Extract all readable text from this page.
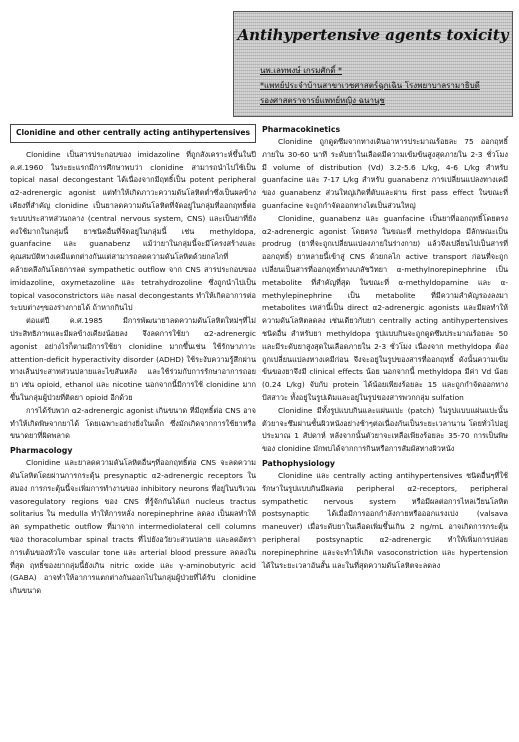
Antihypertensive agents toxicity
นพ.เลทพงษ์ เกรมศักดิ์ *
*แพทย์ประจำบ้านสาขาเวชศาสตร์ฉุกเฉิน โรงพยาบาลรามาธิบดี
รองศาสตราจารย์แพทย์หญิง ฉนานุช
Clonidine and other centrally acting antihypertensives

Clonidine เป็นสารประกอบของ imidazoline ที่ถูกสังเคราะห์ขึ้นในปี ค.ศ.1960 ในระยะแรกมีการศึกษาพบว่า clonidine สามารถนำไปใช้เป็น topical nasal decongestant ได้เนื่องจากมีฤทธิ์เป็น potent peripheral α2-adrenergic agonist แต่ทำให้เกิดภาวะความดันโลหิตต่ำซึ่งเป็นผลข้างเคียงที่สำคัญ clonidine เป็นยาลดความดันโลหิตที่จัดอยู่ในกลุ่มที่ออกฤทธิ์ต่อระบบประสาทส่วนกลาง (central nervous system, CNS) และเป็นยาที่ยังคงใช้มากในกลุ่มนี้ ยาชนิดอื่นที่จัดอยู่ในกลุ่มนี้ เช่น methyldopa, guanfacine และ guanabenz แม้ว่ายาในกลุ่มนี้จะมีโครงสร้างและคุณสมบัติทางเคมีแตกต่างกันแต่สามารถลดความดันโลหิตด้วยกลไกที่คล้ายคลึงกันโดยการลด sympathetic outflow จาก CNS สารประกอบของ imidazoline, oxymetazoline และ tetrahydrozoline ซึ่งถูกนำไปเป็น topical vasoconstrictors และ nasal decongestants ทำให้เกิดอาการต่อระบบต่างๆของร่างกายได้ ถ้าหากกินไป

ต่อแต่ปี ค.ศ.1985 มีการพัฒนายาลดความดันโลหิตใหม่ๆที่ไม่ประสิทธิภาพและมีผลข้างเคียงน้อยลง จึงลดการใช้ยา α2-adrenergic agonist อย่างไรก็ตามมีการใช้ยา clonidine มากขึ้นเช่น ใช้รักษาภาวะ attention-deficit hyperactivity disorder (ADHD) ใช้ระงับความรู้สึกผ่านทางเส้นประสาทส่วนปลายและไขสันหลัง และใช้ร่วมกับการรักษาอาการถอยยา เช่น opioid, ethanol และ nicotine นอกจากนี้มีการใช้ clonidine มากขึ้นในกลุ่มผู้ป่วยที่ติดยา opioid อีกด้วย

การได้รับพวก α2-adrenergic agonist เกินขนาด ที่มีฤทธิ์ต่อ CNS อาจทำให้เกิดพิษจากยาได้ โดยเฉพาะอย่างยิ่งในเด็ก ซึ่งมักเกิดจากการใช้ยาหรือขนาดยาที่ผิดพลาด

Pharmacology

Clonidine และยาลดความดันโลหิตอื่นๆที่ออกฤทธิ์ต่อ CNS จะลดความดันโลหิตโดยผ่านการกระตุ้น presynaptic α2-adrenergic receptors ในสมอง การกระตุ้นนี้จะเพิ่มการทำงานของ inhibitory neurons ที่อยู่ในบริเวณ vasoregulatory regions ของ CNS ที่รู้จักกันได้แก่ nucleus tractus solitarius ใน medulla ทำให้การหลั่ง norepinephrine ลดลง เป็นผลทำให้ลด sympathetic outflow ที่มาจาก intermediolateral cell columns ของ thoracolumbar spinal tracts ที่ไปยังอวัยวะส่วนปลาย และลดอัตราการเต้นของหัวใจ vascular tone และ arterial blood pressure ลดลงในที่สุด ฤทธิ์ของยากลุ่มนี้ยังเกิน nitric oxide และ γ-aminobutyric acid (GABA) อาจทำให้อาการแตกต่างกันออกไปในกลุ่มผู้ป่วยที่ได้รับ clonidine เกินขนาด

Pharmacokinetics

Clonidine ถูกดูดซึมจากทางเดินอาหารประมาณร้อยละ 75 ออกฤทธิ์ภายใน 30-60 นาที ระดับยาในเลือดมีความเข้มข้นสูงสุดภายใน 2-3 ชั่วโมง มี volume of distribution (Vd) 3.2-5.6 L/kg, 4-6 L/kg สำหรับ guanfacine และ 7-17 L/kg สำหรับ guanabenz การเปลี่ยนแปลงทางเคมีของ guanabenz ส่วนใหญ่เกิดที่ตับและผ่าน first pass effect ในขณะที่ guanfacine จะถูกกำจัดออกทางไตเป็นส่วนใหญ่

Clonidine, guanabenz และ guanfacine เป็นยาที่ออกฤทธิ์โดยตรง α2-adrenergic agonist โดยตรง ในขณะที่ methyldopa มีลักษณะเป็น prodrug (ยาที่จะถูกเปลี่ยนแปลงภายในร่างกาย) แล้วจึงเปลี่ยนไปเป็นสารที่ออกฤทธิ์) ยาหลายนี้เข้าสู่ CNS ด้วยกลไก active transport ก่อนที่จะถูกเปลี่ยนเป็นสารที่ออกฤทธิ์ทางเภสัชวิทยา α-methylnorepinephrine เป็น metabolite ที่สำคัญที่สุด ในขณะที่ α-methyldopamine และ α-methylepinephrine เป็น metabolite ที่มีความสำคัญรองลงมา metabolites เหล่านี้เป็น direct α2-adrenergic agonists และมีผลทำให้ความดันโลหิตลดลง เช่นเดียวกับยา centrally acting antihypertensives ชนิดอื่น สำหรับยา methyldopa รูปแบบกินจะถูกดูดซึมประมาณร้อยละ 50 และมีระดับยาสูงสุดในเลือดภายใน 2-3 ชั่วโมง เนื่องจาก methyldopa ต้องถูกเปลี่ยนแปลงทางเคมีก่อน จึงจะอยู่ในรูปของสารที่ออกฤทธิ์ ดังนั้นความเข้มข้นของยาจึงมี clinical effects น้อย นอกจากนี้ methyldopa มีค่า Vd น้อย (0.24 L/kg) จับกับ protein ได้น้อยเพียงร้อยละ 15 และถูกกำจัดออกทางปัสสาวะ ทั้งอยู่ในรูปเดิมและอยู่ในรูปของสารพวกกลุ่ม sulfation

Clonidine มีทั้งรูปแบบกินและแผ่นแปะ (patch) ในรูปแบบแผ่นแปะนั้น ตัวยาจะซึมผ่านชั้นผิวหนังอย่างช้าๆต่อเนื่องกันเป็นระยะเวลานาน โดยทั่วไปอยู่ประมาณ 1 สัปดาห์ หลังจากนั้นตัวยาจะเหลือเพียงร้อยละ 35-70 การเป็นพิษของ clonidine มักพบได้จากการกินหรือการสัมผัสทางผิวหนัง

Pathophysiology

Clonidine และ centrally acting antihypertensives ชนิดอื่นๆที่ใช้รักษาในรูปแบบกินมีผลต่อ peripheral α2-receptors, peripheral sympathetic nervous system หรือมีผลต่อการไหลเวียนโลหิต postsynaptic ได้เมื่อมีการออกกำลังกายหรือออกแรงเบ่ง (valsava maneuver) เมื่อระดับยาในเลือดเพิ่มขึ้นเกิน 2 ng/mL อาจเกิดการกระตุ้น peripheral postsynaptic α2-adrenergic ทำให้เพิ่มการปล่อย norepinephrine และจะทำให้เกิด vasoconstriction และ hypertension ได้ในระยะเวลาอันสั้น และในที่สุดความดันโลหิตจะลดลง
